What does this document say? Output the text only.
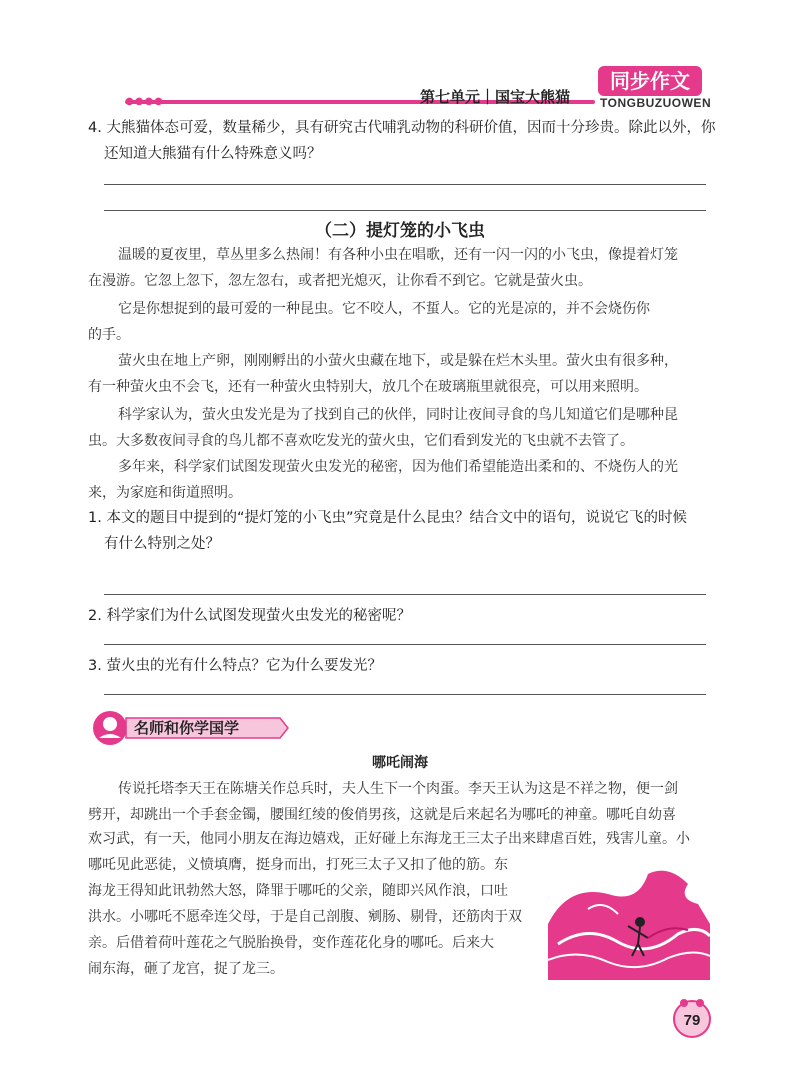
第七单元｜国宝大熊猫
同步作文
TONGBUZUOWEN
4. 大熊猫体态可爱，数量稀少，具有研究古代哺乳动物的科研价值，因而十分珍贵。除此以外，你
还知道大熊猫有什么特殊意义吗？
（二）提灯笼的小飞虫
温暖的夏夜里，草丛里多么热闹！有各种小虫在唱歌，还有一闪一闪的小飞虫，像提着灯笼
在漫游。它忽上忽下，忽左忽右，或者把光熄灭，让你看不到它。它就是萤火虫。
它是你想捉到的最可爱的一种昆虫。它不咬人，不蜇人。它的光是凉的，并不会烧伤你
的手。
萤火虫在地上产卵，刚刚孵出的小萤火虫藏在地下，或是躲在烂木头里。萤火虫有很多种，
有一种萤火虫不会飞，还有一种萤火虫特别大，放几个在玻璃瓶里就很亮，可以用来照明。
科学家认为，萤火虫发光是为了找到自己的伙伴，同时让夜间寻食的鸟儿知道它们是哪种昆
虫。大多数夜间寻食的鸟儿都不喜欢吃发光的萤火虫，它们看到发光的飞虫就不去管了。
多年来，科学家们试图发现萤火虫发光的秘密，因为他们希望能造出柔和的、不烧伤人的光
来，为家庭和街道照明。
1. 本文的题目中提到的“提灯笼的小飞虫”究竟是什么昆虫？结合文中的语句，说说它飞的时候
有什么特别之处？
2. 科学家们为什么试图发现萤火虫发光的秘密呢？
3. 萤火虫的光有什么特点？它为什么要发光？
名师和你学国学
哪吒闹海
传说托塔李天王在陈塘关作总兵时，夫人生下一个肉蛋。李天王认为这是不祥之物，便一剑
劈开，却跳出一个手套金镯，腰围红绫的俊俏男孩，这就是后来起名为哪吒的神童。哪吒自幼喜
欢习武，有一天，他同小朋友在海边嬉戏，正好碰上东海龙王三太子出来肆虐百姓，残害儿童。小
哪吒见此恶徒，义愤填膺，挺身而出，打死三太子又扣了他的筋。东
海龙王得知此讯勃然大怒，降罪于哪吒的父亲，随即兴风作浪，口吐
洪水。小哪吒不愿牵连父母，于是自己剖腹、剜肠、剔骨，还筋肉于双
亲。后借着荷叶莲花之气脱胎换骨，变作莲花化身的哪吒。后来大
闹东海，砸了龙宫，捉了龙三。
79
